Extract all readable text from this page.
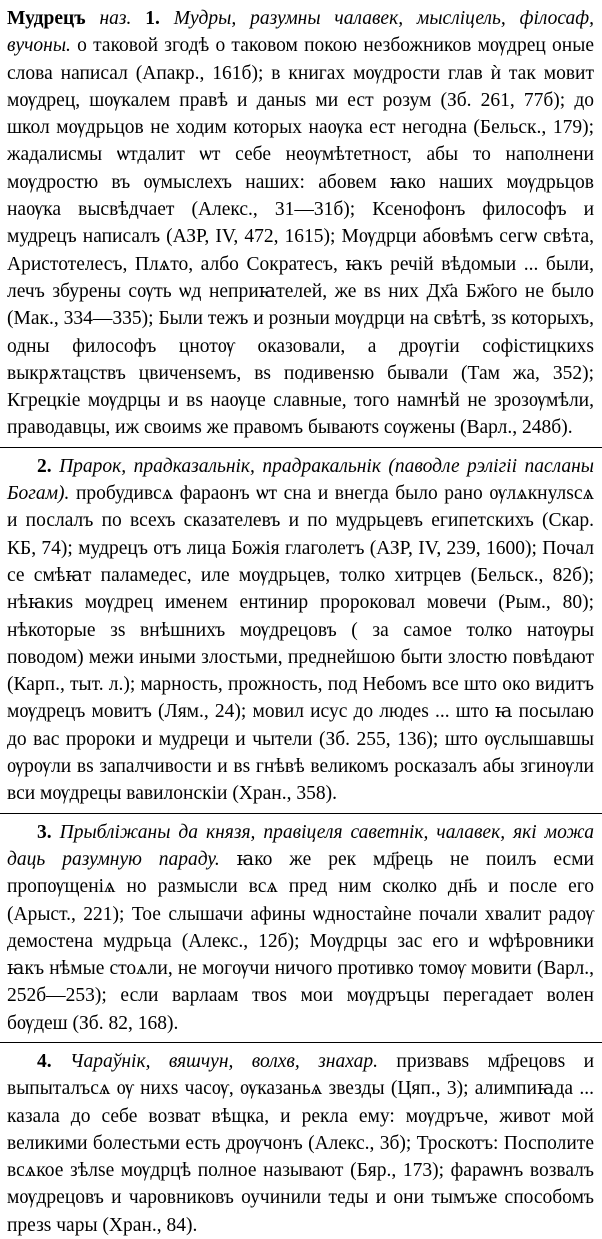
Мудрецъ наз. 1. Мудры, разумны чалавек, мысліцель, філосаф, вучоны. о таковой згодѣ о таковом покою незбожников мѹдрец оные слова написал (Апакр., 161б); в книгах мѹдрости глав ѝ так мовит мѹдрец, шѹкалем правѣ и даныs ми ест розум (Зб. 261, 77б); до школ мѹдрьцов не ходим которых наѹка ест негодна (Бельск., 179); жадалисмы ѡтдалит ѡт себе неѹмѣтетност, абы то наполнени мѹдростю въ ѹмыслехъ наших: абовем ꙗко наших мѹдрьцов наѹка высвѣдчает (Алекс., 31—31б); Ксенофонъ философъ и мудрецъ написалъ (АЗР, IV, 472, 1615); Мѹдрци абовѣмъ сегѡ свѣта, Аристотелесъ, Плѧто, албо Сократесъ, ꙗкъ речій вѣдомыи ... были, лечъ збурены сѹть ѡд неприꙗтелей, же вs них Дх҃а Бж҃ого не было (Мак., 334—335); Были тежъ и розныи мѹдрци на свѣтѣ, зs которыхъ, одны философъ цнотѹ оказовали, а дрѹгіи софістицкихs выкрѫтацствъ цвиченsемъ, вs подивенsю бывали (Там жа, 352); Кгрецкіе мѹдрцы и вs наѹце славные, того намнѣй не зрозѹмѣли, праводавцы, иж своимs же правомъ бываютs сѹжены (Варл., 248б).

2. Прарок, прадказальнік, прадракальнік (паводле рэлігіі пасланы Богам). пробудивсѧ фараонъ ѡт сна и внегда было рано ѹлѧкнулsсѧ и послалъ по всехъ сказателевъ и по мудрьцевъ египетскихъ (Скар. КБ, 74); мудрецъ отъ лица Божія глаголетъ (АЗР, IV, 239, 1600); Почал се смѣꙗт паламедес, иле мѹдрьцев, толко хитрцев (Бельск., 82б); нѣꙗкиs мѹдрец именем ентинир пророковал мовечи (Рым., 80); нѣкоторые зs внѣшнихъ мѹдрецовъ ( за самое толко натѹры поводом) межи иными злостьми, преднейшою быти злостю повѣдают (Карп., тыт. л.); марность, прожность, под Небомъ все што око видитъ мѹдрецъ мовитъ (Лям., 24); мовил исус до людеs ... што ꙗ посылаю до вас пророки и мудреци и чытели (Зб. 255, 136); што ѹслышавшы ѹрѹли вs запалчивости и вs гнѣвѣ великомъ росказалъ абы згинѹли вси мѹдрецы вавилонскіи (Хран., 358).

3. Прыбліжаны да князя, правіцеля саветнік, чалавек, які можа даць разумную параду. ꙗко же рек мд҃рець не поилъ есми пропѹщеніѧ но размысли всѧ пред ним сколко дн҃ь и после его (Арыст., 221); Тое слышачи афины ѡдностаѝне почали хвалит радѹ демостена мудрьца (Алекс., 12б); Мѹдрцы зас его и ѡфѣровники ꙗкъ нѣмые стоѧли, не могѹчи ничого противко томѹ мовити (Варл., 252б—253); если варлаам твоs мои мѹдръцы перегадает волен бѹдеш (Зб. 82, 168).

4. Чараўнік, вяшчун, волхв, знахар. призвавs мд҃рецовs и выпыталъсѧ ѹ нихs часѹ, ѹказаньѧ звезды (Цяп., 3); алимпиꙗда ... казала до себе возват вѣщка, и рекла ему: мѹдръче, живот мой великими болестьми есть дрѹчонъ (Алекс., 3б); Троскотъ: Посполите всѧкое зѣлsе мѹдрцѣ полное называют (Бяр., 173); фараѡнъ возвалъ мѹдрецовъ и чаровниковъ оучинили теды и они тымъже способомъ презs чары (Хран., 84).
